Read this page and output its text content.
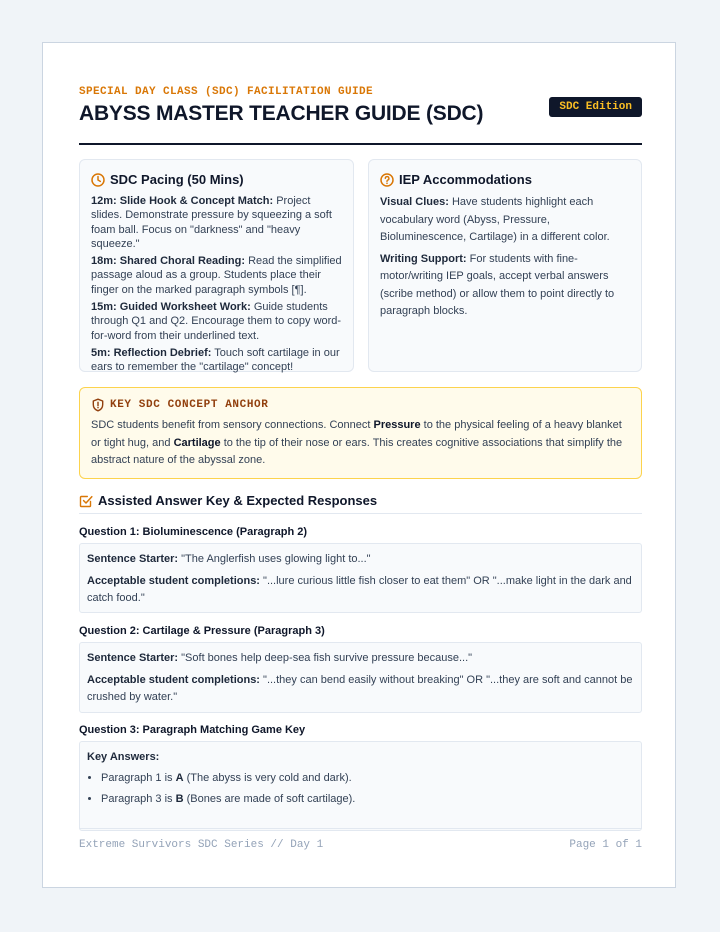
SPECIAL DAY CLASS (SDC) FACILITATION GUIDE
ABYSS MASTER TEACHER GUIDE (SDC)	SDC Edition
SDC Pacing (50 Mins)
12m: Slide Hook & Concept Match: Project slides. Demonstrate pressure by squeezing a soft foam ball. Focus on "darkness" and "heavy squeeze."
18m: Shared Choral Reading: Read the simplified passage aloud as a group. Students place their finger on the marked paragraph symbols [¶].
15m: Guided Worksheet Work: Guide students through Q1 and Q2. Encourage them to copy word-for-word from their underlined text.
5m: Reflection Debrief: Touch soft cartilage in our ears to remember the "cartilage" concept!
IEP Accommodations
Visual Clues: Have students highlight each vocabulary word (Abyss, Pressure, Bioluminescence, Cartilage) in a different color.
Writing Support: For students with fine-motor/writing IEP goals, accept verbal answers (scribe method) or allow them to point directly to paragraph blocks.
KEY SDC CONCEPT ANCHOR
SDC students benefit from sensory connections. Connect Pressure to the physical feeling of a heavy blanket or tight hug, and Cartilage to the tip of their nose or ears. This creates cognitive associations that simplify the abstract nature of the abyssal zone.
Assisted Answer Key & Expected Responses
Question 1: Bioluminescence (Paragraph 2)

Sentence Starter: "The Anglerfish uses glowing light to..."

Acceptable student completions: "...lure curious little fish closer to eat them" OR "...make light in the dark and catch food."

Question 2: Cartilage & Pressure (Paragraph 3)

Sentence Starter: "Soft bones help deep-sea fish survive pressure because..."

Acceptable student completions: "...they can bend easily without breaking" OR "...they are soft and cannot be crushed by water."

Question 3: Paragraph Matching Game Key
Key Answers:
• Paragraph 1 is A (The abyss is very cold and dark).
• Paragraph 3 is B (Bones are made of soft cartilage).
Extreme Survivors SDC Series // Day 1	Page 1 of 1
